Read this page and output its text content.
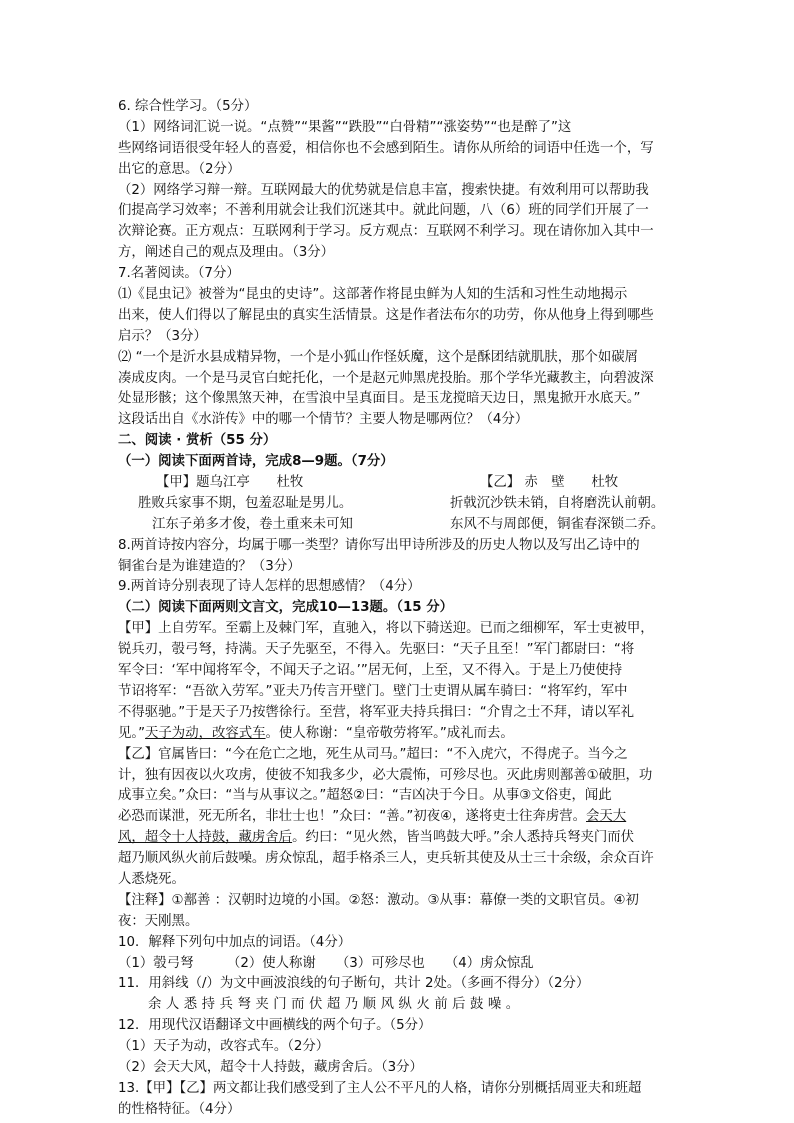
6. 综合性学习。（5分）
（1）网络词汇说一说。“点赞”“果酱”“跌股”“白骨精”“涨姿势”“也是醉了”这
些网络词语很受年轻人的喜爱，相信你也不会感到陌生。请你从所给的词语中任选一个，写
出它的意思。（2分）
（2）网络学习辩一辩。互联网最大的优势就是信息丰富，搜索快捷。有效利用可以帮助我
们提高学习效率；不善利用就会让我们沉迷其中。就此问题，八（6）班的同学们开展了一
次辩论赛。正方观点：互联网利于学习。反方观点：互联网不利学习。现在请你加入其中一
方，阐述自己的观点及理由。（3分）
7.名著阅读。（7分）
⑴《昆虫记》被誉为“昆虫的史诗”。这部著作将昆虫鲜为人知的生活和习性生动地揭示
出来，使人们得以了解昆虫的真实生活情景。这是作者法布尔的功劳，你从他身上得到哪些
启示？（3分）
⑵ “一个是沂水县成精异物，一个是小狐山作怪妖魔，这个是酥团结就肌肤，那个如碳屑
凑成皮肉。一个是马灵官白蛇托化，一个是赵元帅黑虎投胎。那个学华光藏教主，向碧波深
处显形骸；这个像黑煞天神，在雪浪中呈真面目。是玉龙搅暗天边日，黑鬼掀开水底天。”
这段话出自《水浒传》中的哪一个情节？主要人物是哪两位？（4分）
二、阅读 · 赏析（55 分）
（一）阅读下面两首诗，完成8—9题。（7分）
【甲】题乌江亭　　杜牧	【乙】 赤　壁　　杜牧
胜败兵家事不期，包羞忍耻是男儿。	折戟沉沙铁未销，自将磨洗认前朝。
江东子弟多才俊，卷土重来未可知	东风不与周郎便，铜雀春深锁二乔。
8.两首诗按内容分，均属于哪一类型？请你写出甲诗所涉及的历史人物以及写出乙诗中的
铜雀台是为谁建造的？（3分）
9.两首诗分别表现了诗人怎样的思想感情？（4分）
（二）阅读下面两则文言文，完成10—13题。（15 分）
【甲】上自劳军。至霸上及棘门军，直驰入，将以下骑送迎。已而之细柳军，军士吏被甲，
锐兵刃，彀弓弩，持满。天子先驱至，不得入。先驱曰：“天子且至！”军门都尉曰：“将
军令曰：‘军中闻将军令，不闻天子之诏。’”居无何，上至，又不得入。于是上乃使使持
节诏将军：“吾欲入劳军。”亚夫乃传言开壁门。壁门士吏谓从属车骑曰：“将军约，军中
不得驱驰。”于是天子乃按辔徐行。至营，将军亚夫持兵揖曰：“介胄之士不拜，请以军礼
见。”天子为动，改容式车。使人称谢：“皇帝敬劳将军。”成礼而去。
【乙】官属皆曰：“今在危亡之地，死生从司马。”超曰：“不入虎穴，不得虎子。当今之
计，独有因夜以火攻虏，使彼不知我多少，必大震怖，可殄尽也。灭此虏则鄯善①破胆，功
成事立矣。”众曰：“当与从事议之。”超怒②曰：“吉凶决于今日。从事③文俗吏，闻此
必恐而谋泄，死无所名，非壮士也！”众曰：“善。”初夜④，遂将吏士往奔虏营。会天大
风，超令十人持鼓，藏虏舍后。约曰：“见火然，皆当鸣鼓大呼。”余人悉持兵弩夹门而伏
超乃顺风纵火前后鼓噪。虏众惊乱，超手格杀三人，吏兵斩其使及从士三十余级，余众百许
人悉烧死。
【注释】①鄯善 ：汉朝时边境的小国。②怒：激动。③从事：幕僚一类的文职官员。④初
夜：天刚黑。
10．解释下列句中加点的词语。（4分）
（1）彀弓弩　　　（2）使人称谢　　（3）可殄尽也　　（4）虏众惊乱
11．用斜线（/）为文中画波浪线的句子断句，共计 2处。（多画不得分）（2分）
余人悉持兵弩夹门而伏超乃顺风纵火前后鼓噪。
12．用现代汉语翻译文中画横线的两个句子。（5分）
（1）天子为动，改容式车。（2分）
（2）会天大风，超令十人持鼓，藏虏舍后。（3分）
13.【甲】【乙】两文都让我们感受到了主人公不平凡的人格，请你分别概括周亚夫和班超
的性格特征。（4分）
